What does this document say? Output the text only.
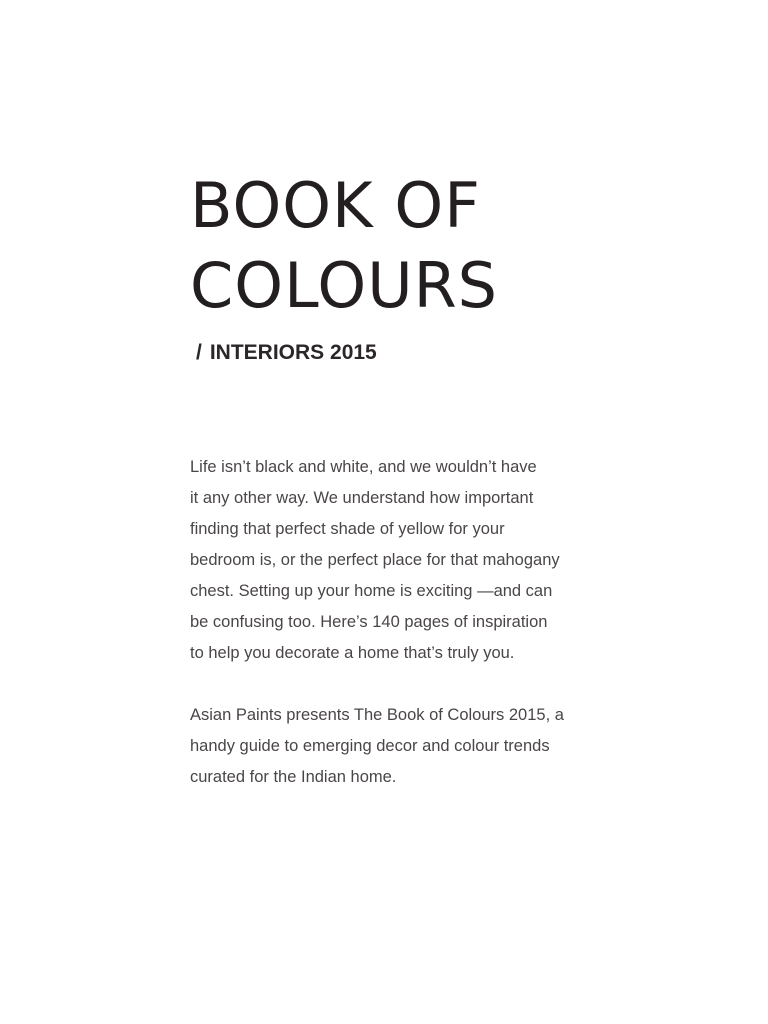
BOOK OF
COLOURS
/ INTERIORS 2015

Life isn’t black and white, and we wouldn’t have
it any other way. We understand how important
finding that perfect shade of yellow for your
bedroom is, or the perfect place for that mahogany
chest. Setting up your home is exciting —and can
be confusing too. Here’s 140 pages of inspiration
to help you decorate a home that’s truly you.

Asian Paints presents The Book of Colours 2015, a
handy guide to emerging decor and colour trends
curated for the Indian home.
